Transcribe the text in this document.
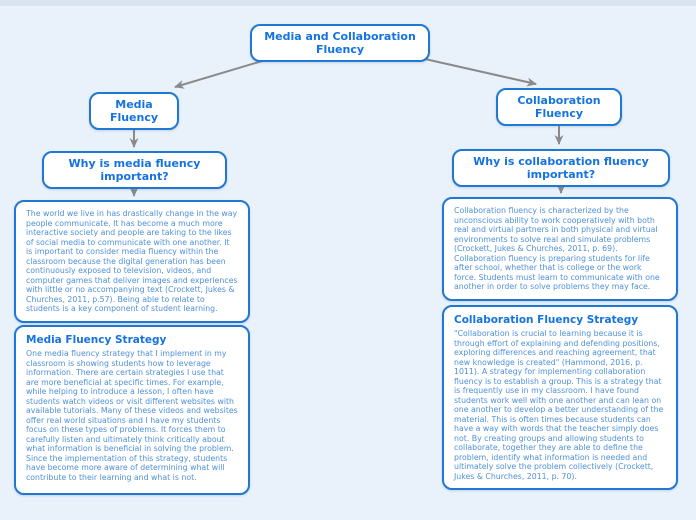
Media and Collaboration Fluency
Media Fluency
Collaboration Fluency
Why is media fluency important?
Why is collaboration fluency important?
The world we live in has drastically change in the way people communicate. It has become a much more interactive society and people are taking to the likes of social media to communicate with one another. It is important to consider media fluency within the classroom because the digital generation has been continuously exposed to television, videos, and computer games that deliver images and experiences with little or no accompanying text (Crockett, Jukes & Churches, 2011, p.57). Being able to relate to students is a key component of student learning.
Collaboration fluency is characterized by the unconscious ability to work cooperatively with both real and virtual partners in both physical and virtual environments to solve real and simulate problems (Crockett, Jukes & Churches, 2011, p. 69). Collaboration fluency is preparing students for life after school, whether that is college or the work force. Students must learn to communicate with one another in order to solve problems they may face.
Media Fluency Strategy
One media fluency strategy that I implement in my classroom is showing students how to leverage information. There are certain strategies I use that are more beneficial at specific times. For example, while helping to introduce a lesson, I often have students watch videos or visit different websites with available tutorials. Many of these videos and websites offer real world situations and I have my students focus on these types of problems. It forces them to carefully listen and ultimately think critically about what information is beneficial in solving the problem. Since the implementation of this strategy, students have become more aware of determining what will contribute to their learning and what is not.
Collaboration Fluency Strategy
"Collaboration is crucial to learning because it is through effort of explaining and defending positions, exploring differences and reaching agreement, that new knowledge is created" (Hammond, 2016, p. 1011). A strategy for implementing collaboration fluency is to establish a group. This is a strategy that is frequently use in my classroom. I have found students work well with one another and can lean on one another to develop a better understanding of the material. This is often times because students can have a way with words that the teacher simply does not. By creating groups and allowing students to collaborate, together they are able to define the problem, identify what information is needed and ultimately solve the problem collectively (Crockett, Jukes & Churches, 2011, p. 70).
